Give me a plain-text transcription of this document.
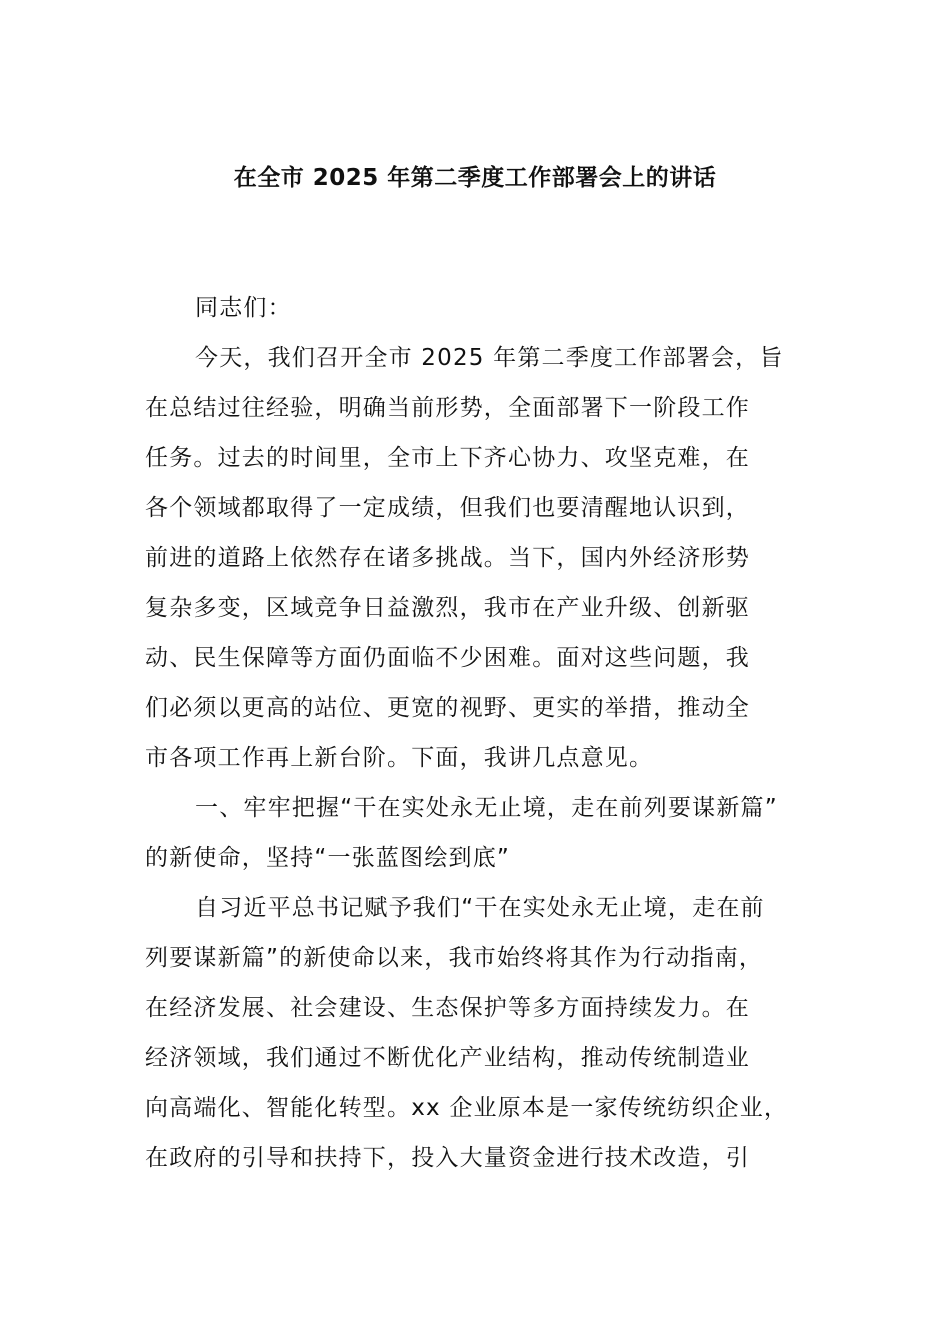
在全市 2025 年第二季度工作部署会上的讲话
同志们：
今天，我们召开全市 2025 年第二季度工作部署会，旨
在总结过往经验，明确当前形势，全面部署下一阶段工作
任务。过去的时间里，全市上下齐心协力、攻坚克难，在
各个领域都取得了一定成绩，但我们也要清醒地认识到，
前进的道路上依然存在诸多挑战。当下，国内外经济形势
复杂多变，区域竞争日益激烈，我市在产业升级、创新驱
动、民生保障等方面仍面临不少困难。面对这些问题，我
们必须以更高的站位、更宽的视野、更实的举措，推动全
市各项工作再上新台阶。下面，我讲几点意见。
一、牢牢把握“干在实处永无止境，走在前列要谋新篇”
的新使命，坚持“一张蓝图绘到底”
自习近平总书记赋予我们“干在实处永无止境，走在前
列要谋新篇”的新使命以来，我市始终将其作为行动指南，
在经济发展、社会建设、生态保护等多方面持续发力。在
经济领域，我们通过不断优化产业结构，推动传统制造业
向高端化、智能化转型。xx 企业原本是一家传统纺织企业，
在政府的引导和扶持下，投入大量资金进行技术改造，引
